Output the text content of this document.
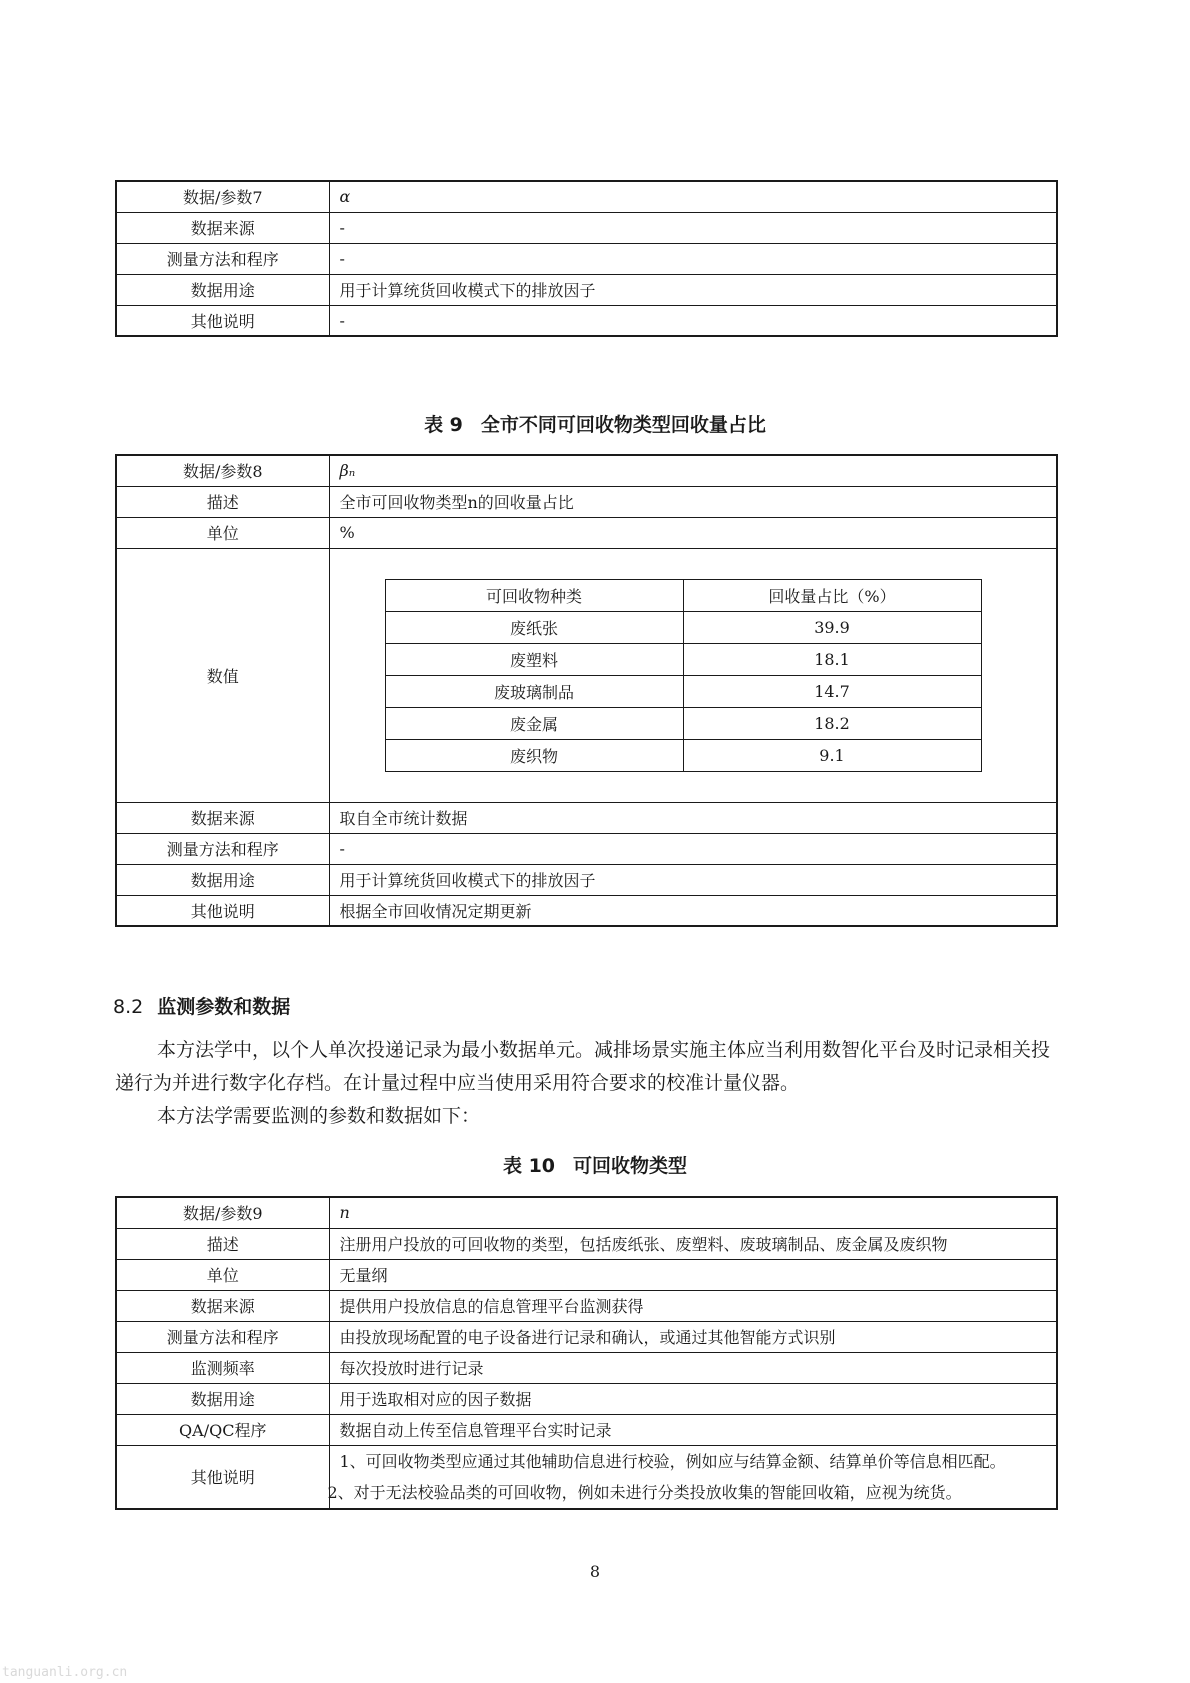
数据/参数7	α
数据来源	-
测量方法和程序	-
数据用途	用于计算统货回收模式下的排放因子
其他说明	-
表 9 全市不同可回收物类型回收量占比
数据/参数8	βₙ
描述	全市可回收物类型n的回收量占比
单位	%
数值	
可回收物种类	回收量占比（%）
废纸张	39.9
废塑料	18.1
废玻璃制品	14.7
废金属	18.2
废织物	9.1

数据来源	取自全市统计数据
测量方法和程序	-
数据用途	用于计算统货回收模式下的排放因子
其他说明	根据全市回收情况定期更新
8.2 监测参数和数据
本方法学中，以个人单次投递记录为最小数据单元。减排场景实施主体应当利用数智化平台及时记录相关投递行为并进行数字化存档。在计量过程中应当使用采用符合要求的校准计量仪器。
本方法学需要监测的参数和数据如下：
表 10 可回收物类型
数据/参数9	n
描述	注册用户投放的可回收物的类型，包括废纸张、废塑料、废玻璃制品、废金属及废织物
单位	无量纲
数据来源	提供用户投放信息的信息管理平台监测获得
测量方法和程序	由投放现场配置的电子设备进行记录和确认，或通过其他智能方式识别
监测频率	每次投放时进行记录
数据用途	用于选取相对应的因子数据
QA/QC程序	数据自动上传至信息管理平台实时记录
其他说明	1、可回收物类型应通过其他辅助信息进行校验，例如应与结算金额、结算单价等信息相匹配。
2、对于无法校验品类的可回收物，例如未进行分类投放收集的智能回收箱，应视为统货。
8
tanguanli.org.cn
